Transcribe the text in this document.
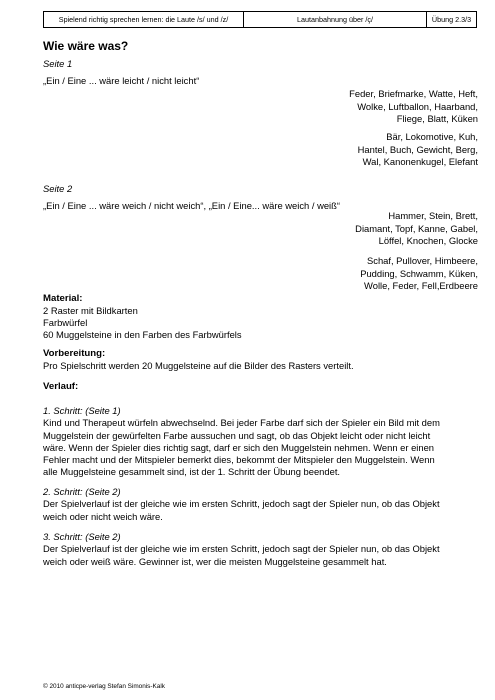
Spielend richtig sprechen lernen: die Laute /s/ und /z/	Lautanbahnung über /ç/	Übung 2.3/3
Wie wäre was?
Seite 1
„Ein / Eine ... wäre leicht / nicht leicht“
Feder, Briefmarke, Watte, Heft,
Wolke, Luftballon, Haarband,
Fliege, Blatt, Küken
Bär, Lokomotive, Kuh,
Hantel, Buch, Gewicht, Berg,
Wal, Kanonenkugel, Elefant
Seite 2
„Ein / Eine ... wäre weich / nicht weich“, „Ein / Eine... wäre weich / weiß“
Hammer, Stein, Brett,
Diamant, Topf, Kanne, Gabel,
Löffel, Knochen, Glocke
Schaf, Pullover, Himbeere,
Pudding, Schwamm, Küken,
Wolle, Feder, Fell,Erdbeere
Material:
2 Raster mit Bildkarten
Farbwürfel
60 Muggelsteine in den Farben des Farbwürfels
Vorbereitung:
Pro Spielschritt werden 20 Muggelsteine auf die Bilder des Rasters verteilt.
Verlauf:
1. Schritt: (Seite 1)
Kind und Therapeut würfeln abwechselnd. Bei jeder Farbe darf sich der Spieler ein Bild mit dem
Muggelstein der gewürfelten Farbe aussuchen und sagt, ob das Objekt leicht oder nicht leicht
wäre. Wenn der Spieler dies richtig sagt, darf er sich den Muggelstein nehmen. Wenn er einen
Fehler macht und der Mitspieler bemerkt dies, bekommt der Mitspieler den Muggelstein. Wenn
alle Muggelsteine gesammelt sind, ist der 1. Schritt der Übung beendet.
2. Schritt: (Seite 2)
Der Spielverlauf ist der gleiche wie im ersten Schritt, jedoch sagt der Spieler nun, ob das Objekt
weich oder nicht weich wäre.
3. Schritt: (Seite 2)
Der Spielverlauf ist der gleiche wie im ersten Schritt, jedoch sagt der Spieler nun, ob das Objekt
weich oder weiß wäre. Gewinner ist, wer die meisten Muggelsteine gesammelt hat.
© 2010 anticpe-verlag Stefan Simonis-Kalk
